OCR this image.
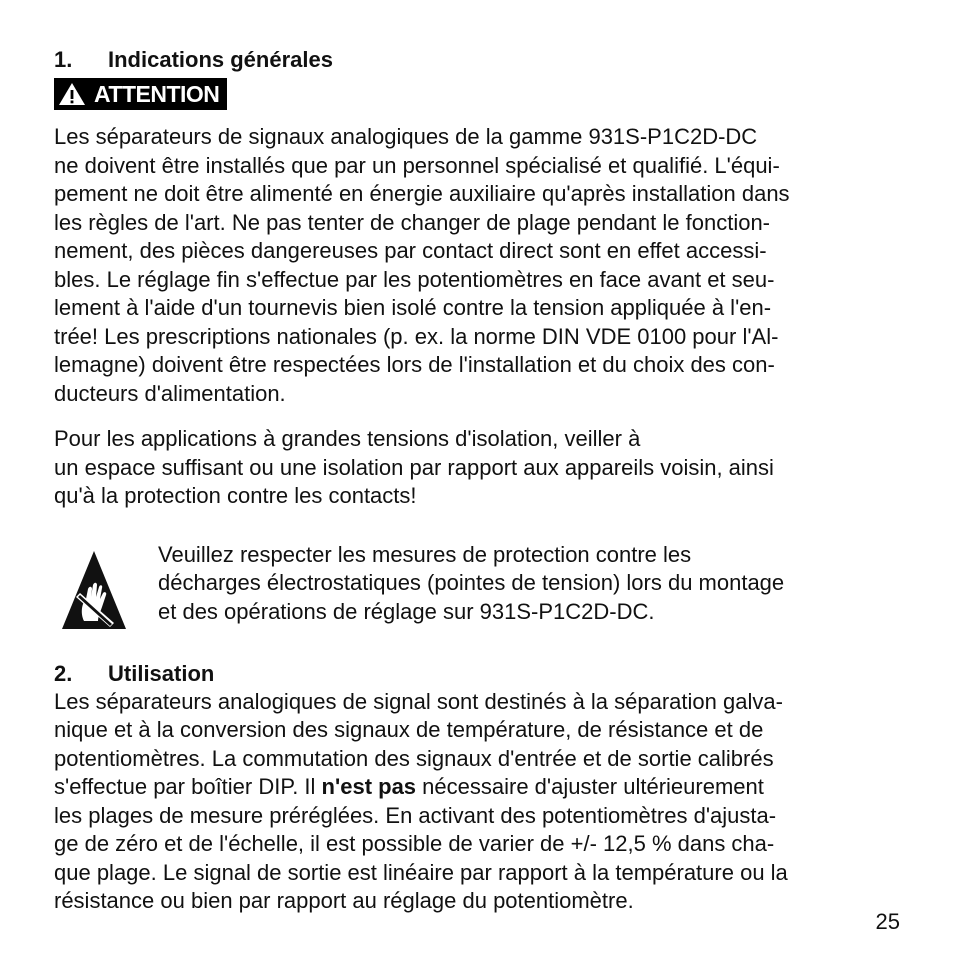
1.	Indications générales
ATTENTION

Les séparateurs de signaux analogiques de la gamme 931S-P1C2D-DC
ne doivent être installés que par un personnel spécialisé et qualifié. L'équi-
pement ne doit être alimenté en énergie auxiliaire qu'après installation dans
les règles de l'art. Ne pas tenter de changer de plage pendant le fonction-
nement, des pièces dangereuses par contact direct sont en effet accessi-
bles. Le réglage fin s'effectue par les potentiomètres en face avant et seu-
lement à l'aide d'un tournevis bien isolé contre la tension appliquée à l'en-
trée! Les prescriptions nationales (p. ex. la norme DIN VDE 0100 pour l'Al-
lemagne) doivent être respectées lors de l'installation et du choix des con-
ducteurs d'alimentation.

Pour les applications à grandes tensions d'isolation, veiller à
un espace suffisant ou une isolation par rapport aux appareils voisin, ainsi
qu'à la protection contre les contacts!

Veuillez respecter les mesures de protection contre les
décharges électrostatiques (pointes de tension) lors du montage
et des opérations de réglage sur 931S-P1C2D-DC.

2.	Utilisation

Les séparateurs analogiques de signal sont destinés à la séparation galva-
nique et à la conversion des signaux de température, de résistance et de
potentiomètres. La commutation des signaux d'entrée et de sortie calibrés
s'effectue par boîtier DIP. Il n'est pas nécessaire d'ajuster ultérieurement
les plages de mesure préréglées. En activant des potentiomètres d'ajusta-
ge de zéro et de l'échelle, il est possible de varier de +/- 12,5 % dans cha-
que plage. Le signal de sortie est linéaire par rapport à la température ou la
résistance ou bien par rapport au réglage du potentiomètre.

25
